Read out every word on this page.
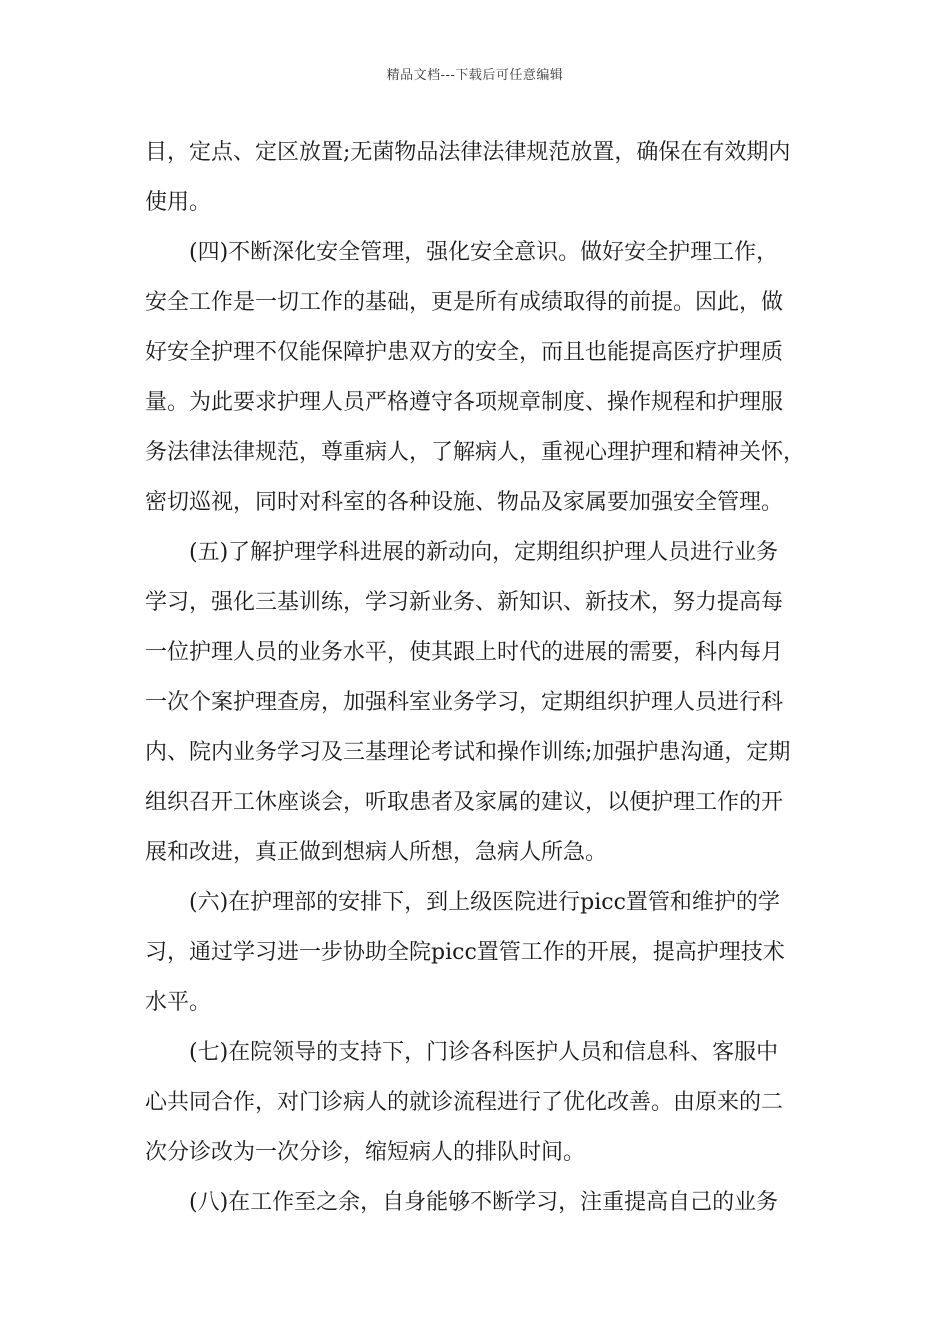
精品文档---下载后可任意编辑
目，定点、定区放置;无菌物品法律法律规范放置，确保在有效期内
使用。
(四)不断深化安全管理，强化安全意识。做好安全护理工作，
安全工作是一切工作的基础，更是所有成绩取得的前提。因此，做
好安全护理不仅能保障护患双方的安全，而且也能提高医疗护理质
量。为此要求护理人员严格遵守各项规章制度、操作规程和护理服
务法律法律规范，尊重病人，了解病人，重视心理护理和精神关怀，
密切巡视，同时对科室的各种设施、物品及家属要加强安全管理。
(五)了解护理学科进展的新动向，定期组织护理人员进行业务
学习，强化三基训练，学习新业务、新知识、新技术，努力提高每
一位护理人员的业务水平，使其跟上时代的进展的需要，科内每月
一次个案护理查房，加强科室业务学习，定期组织护理人员进行科
内、院内业务学习及三基理论考试和操作训练;加强护患沟通，定期
组织召开工休座谈会，听取患者及家属的建议，以便护理工作的开
展和改进，真正做到想病人所想，急病人所急。
(六)在护理部的安排下，到上级医院进行picc置管和维护的学
习，通过学习进一步协助全院picc置管工作的开展，提高护理技术
水平。
(七)在院领导的支持下，门诊各科医护人员和信息科、客服中
心共同合作，对门诊病人的就诊流程进行了优化改善。由原来的二
次分诊改为一次分诊，缩短病人的排队时间。
(八)在工作至之余，自身能够不断学习，注重提高自己的业务
